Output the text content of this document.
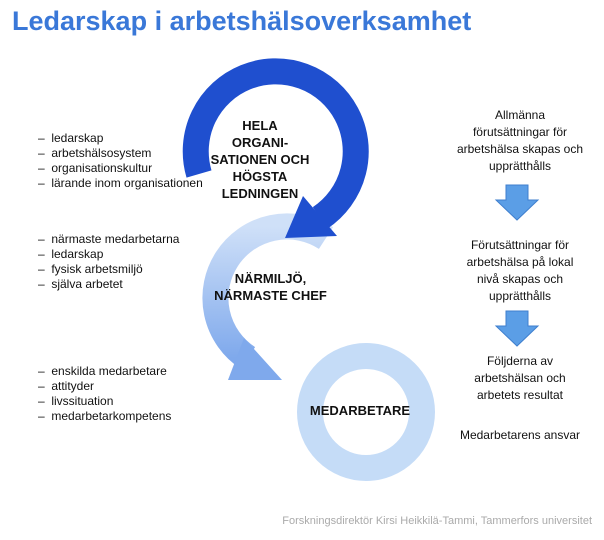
Ledarskap i arbetshälsoverksamhet
–  ledarskap
–  arbetshälsosystem
–  organisationskultur
–  lärande inom organisationen
–  närmaste medarbetarna
–  ledarskap
–  fysisk arbetsmiljö
–  själva arbetet
–  enskilda medarbetare
–  attityder
–  livssituation
–  medarbetarkompetens
HELA
ORGANI-
SATIONEN OCH
HÖGSTA
LEDNINGEN
NÄRMILJÖ,
NÄRMASTE CHEF
MEDARBETARE
Allmänna
förutsättningar för
arbetshälsa skapas och
upprätthålls
Förutsättningar för
arbetshälsa på lokal
nivå skapas och
upprätthålls
Följderna av
arbetshälsan och
arbetets resultat
Medarbetarens ansvar
Forskningsdirektör Kirsi Heikkilä-Tammi, Tammerfors universitet
